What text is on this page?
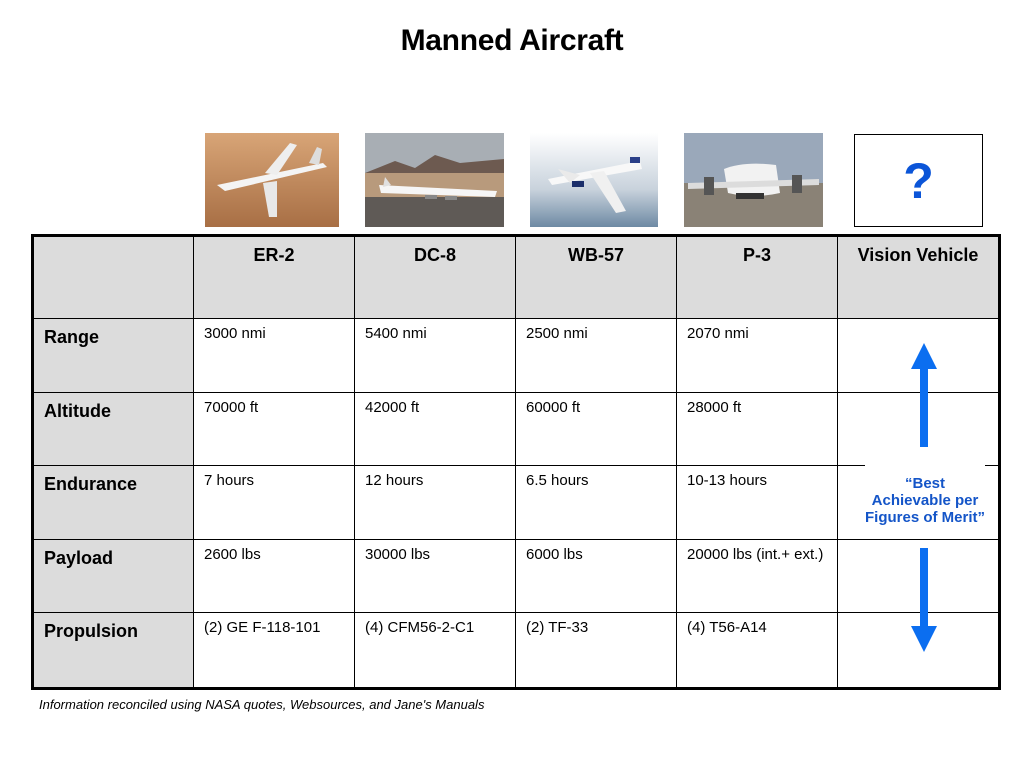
Manned Aircraft
?
	ER-2	DC-8	WB-57	P-3	Vision Vehicle
Range	3000 nmi	5400 nmi	2500 nmi	2070 nmi	
Altitude	70000 ft	42000 ft	60000 ft	28000 ft	
Endurance	7 hours	12 hours	6.5 hours	10-13 hours	
Payload	2600 lbs	30000 lbs	6000 lbs	20000 lbs (int.+ ext.)	
Propulsion	(2) GE F-118-101	(4) CFM56-2-C1	(2) TF-33	(4) T56-A14	
“Best Achievable per Figures of Merit”
Information reconciled using NASA quotes, Websources, and Jane's Manuals
